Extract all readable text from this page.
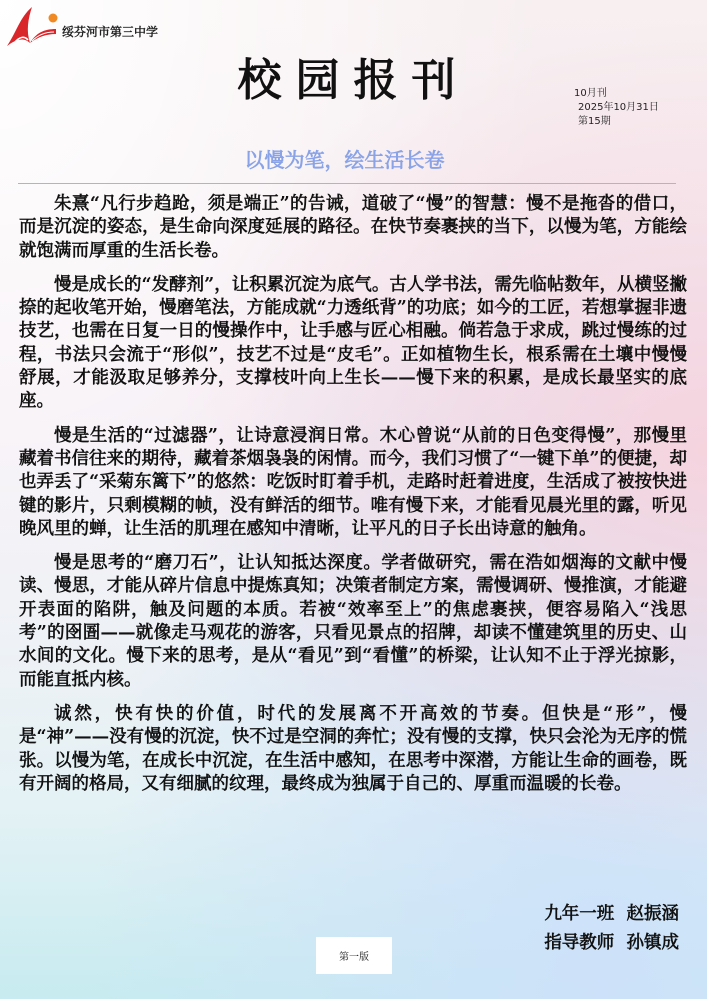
绥芬河市第三中学
校园报刊	10月刊
2025年10月31日
第15期
以慢为笔，绘生活长卷

朱熹“凡行步趋跄，须是端正”的告诫，道破了“慢”的智慧：慢不是拖沓的借口，而是沉淀的姿态，是生命向深度延展的路径。在快节奏裹挟的当下，以慢为笔，方能绘就饱满而厚重的生活长卷。

慢是成长的“发酵剂”，让积累沉淀为底气。古人学书法，需先临帖数年，从横竖撇捺的起收笔开始，慢磨笔法，方能成就“力透纸背”的功底；如今的工匠，若想掌握非遗技艺，也需在日复一日的慢操作中，让手感与匠心相融。倘若急于求成，跳过慢练的过程，书法只会流于“形似”，技艺不过是“皮毛”。正如植物生长，根系需在土壤中慢慢舒展，才能汲取足够养分，支撑枝叶向上生长——慢下来的积累，是成长最坚实的底座。

慢是生活的“过滤器”，让诗意浸润日常。木心曾说“从前的日色变得慢”，那慢里藏着书信往来的期待，藏着茶烟袅袅的闲情。而今，我们习惯了“一键下单”的便捷，却也弄丢了“采菊东篱下”的悠然：吃饭时盯着手机，走路时赶着进度，生活成了被按快进键的影片，只剩模糊的帧，没有鲜活的细节。唯有慢下来，才能看见晨光里的露，听见晚风里的蝉，让生活的肌理在感知中清晰，让平凡的日子长出诗意的触角。

慢是思考的“磨刀石”，让认知抵达深度。学者做研究，需在浩如烟海的文献中慢读、慢思，才能从碎片信息中提炼真知；决策者制定方案，需慢调研、慢推演，才能避开表面的陷阱，触及问题的本质。若被“效率至上”的焦虑裹挟，便容易陷入“浅思考”的囹圄——就像走马观花的游客，只看见景点的招牌，却读不懂建筑里的历史、山水间的文化。慢下来的思考，是从“看见”到“看懂”的桥梁，让认知不止于浮光掠影，而能直抵内核。

诚然，快有快的价值，时代的发展离不开高效的节奏。但快是“形”，慢是“神”——没有慢的沉淀，快不过是空洞的奔忙；没有慢的支撑，快只会沦为无序的慌张。以慢为笔，在成长中沉淀，在生活中感知，在思考中深潜，方能让生命的画卷，既有开阔的格局，又有细腻的纹理，最终成为独属于自己的、厚重而温暖的长卷。

九年一班  赵振涵
指导教师  孙镇成
第一版
